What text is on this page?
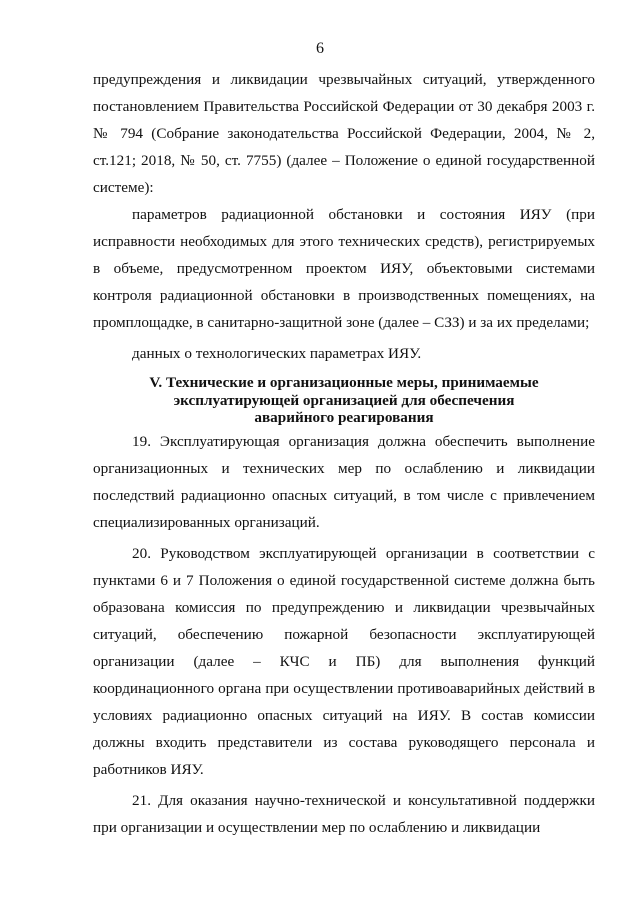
6

предупреждения и ликвидации чрезвычайных ситуаций, утвержденного постановлением Правительства Российской Федерации от 30 декабря 2003 г. № 794 (Собрание законодательства Российской Федерации, 2004, № 2, ст.121; 2018, № 50, ст. 7755) (далее – Положение о единой государственной системе):

параметров радиационной обстановки и состояния ИЯУ (при исправности необходимых для этого технических средств), регистрируемых в объеме, предусмотренном проектом ИЯУ, объектовыми системами контроля радиационной обстановки в производственных помещениях, на промплощадке, в санитарно-защитной зоне (далее – СЗЗ) и за их пределами;

данных о технологических параметрах ИЯУ.

V. Технические и организационные меры, принимаемые
эксплуатирующей организацией для обеспечения
аварийного реагирования

19. Эксплуатирующая организация должна обеспечить выполнение организационных и технических мер по ослаблению и ликвидации последствий радиационно опасных ситуаций, в том числе с привлечением специализированных организаций.

20. Руководством эксплуатирующей организации в соответствии с пунктами 6 и 7 Положения о единой государственной системе должна быть образована комиссия по предупреждению и ликвидации чрезвычайных ситуаций, обеспечению пожарной безопасности эксплуатирующей организации (далее – КЧС и ПБ) для выполнения функций координационного органа при осуществлении противоаварийных действий в условиях радиационно опасных ситуаций на ИЯУ. В состав комиссии должны входить представители из состава руководящего персонала и работников ИЯУ.

21. Для оказания научно-технической и консультативной поддержки при организации и осуществлении мер по ослаблению и ликвидации
